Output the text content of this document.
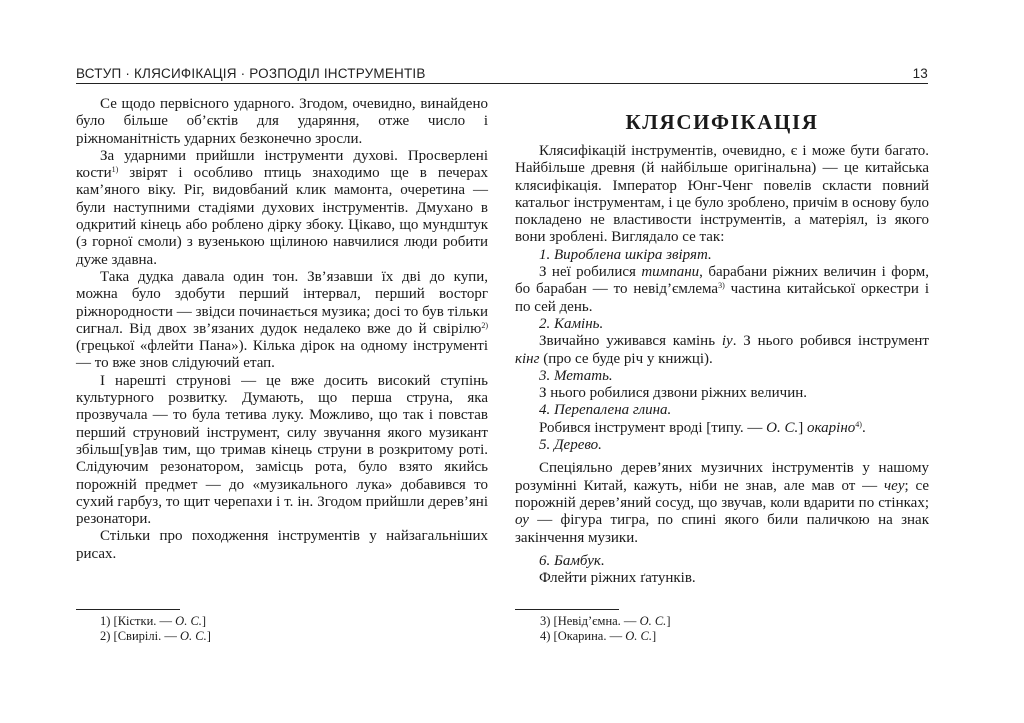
ВСТУП · КЛЯСИФІКАЦІЯ · РОЗПОДІЛ ІНСТРУМЕНТІВ	13

Се щодо первісного ударного. Згодом, очевидно, винайдено було більше об’єктів для ударяння, отже число і ріжноманітність ударних безконечно зросли.

За ударними прийшли інструменти духові. Просверлені кости$^{1)}$ звірят і особливо птиць знаходимо ще в печерах кам’яного віку. Ріг, видовбаний клик мамонта, очеретина — були наступними стадіями духових інструментів. Дмухано в одкритий кінець або роблено дірку збоку. Цікаво, що мундштук (з горної смоли) з вузенькою щілиною навчилися люди робити дуже здавна.

Така дудка давала один тон. Зв’язавши їх дві до купи, можна було здобути перший інтервал, перший восторг ріжнородности — звідси починається музика; досі то був тільки сигнал. Від двох зв’язаних дудок недалеко вже до й свірілю$^{2)}$ (грецької «флейти Пана»). Кілька дірок на одному інструменті — то вже знов слідуючий етап.

І нарешті струнові — це вже досить високий ступінь культурного розвитку. Думають, що перша струна, яка прозвучала — то була тетива луку. Можливо, що так і повстав перший струновий інструмент, силу звучання якого музикант збільш[ув]ав тим, що тримав кінець струни в розкритому роті. Слідуючим резонатором, замісць рота, було взято якийсь порожній предмет — до «музикального лука» добавився то сухий гарбуз, то щит черепахи і т. ін. Згодом прийшли дерев’яні резонатори.

Стільки про походження інструментів у найзагальніших рисах.

КЛЯСИФІКАЦІЯ

Клясифікацій інструментів, очевидно, є і може бути багато. Найбільше древня (й найбільше оригінальна) — це китайська клясифікація. Імператор Юнг-Ченг повелів скласти повний катальог інструментам, і це було зроблено, причім в основу було покладено не властивости інструментів, а матеріял, із якого вони зроблені. Виглядало се так:

1. Вироблена шкіра звірят.

З неї робилися тимпани, барабани ріжних величин і форм, бо барабан — то невід’ємлема$^{3)}$ частина китайської оркестри і по сей день.

2. Камінь.

Звичайно уживався камінь іу. З нього робився інструмент кінг (про се буде річ у книжці).

3. Метать.

З нього робилися дзвони ріжних величин.

4. Перепалена глина.

Робився інструмент вроді [типу. — О. С.] окаріно$^{4)}$.

5. Дерево.

Спеціяльно дерев’яних музичних інструментів у нашому розумінні Китай, кажуть, ніби не знав, але мав от — чеу; се порожній дерев’яний сосуд, що звучав, коли вдарити по стінках; оу — фігура тигра, по спині якого били паличкою на знак закінчення музики.

6. Бамбук.

Флейти ріжних ґатунків.

1) [Кістки. — О. С.]
2) [Свирілі. — О. С.]
3) [Невід’ємна. — О. С.]
4) [Окарина. — О. С.]
